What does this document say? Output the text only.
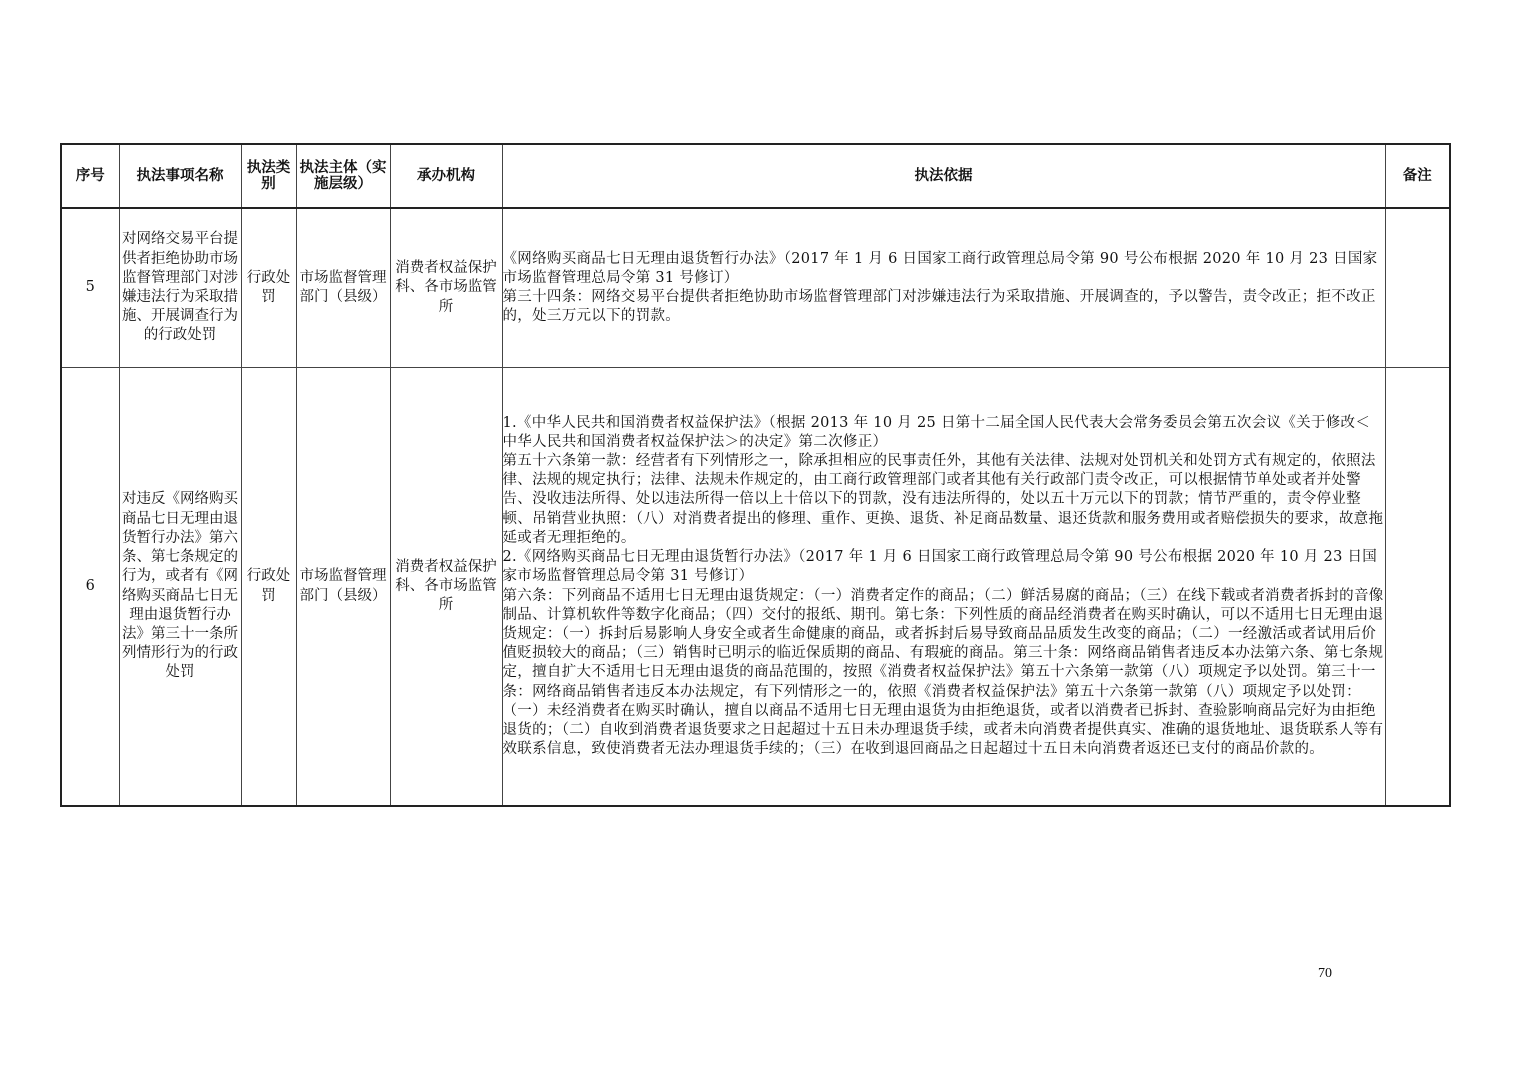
序号	执法事项名称	执法类别	执法主体（实施层级）	承办机构	执法依据	备注
5	对网络交易平台提供者拒绝协助市场监督管理部门对涉嫌违法行为采取措施、开展调查行为的行政处罚	行政处罚	市场监督管理部门（县级）	消费者权益保护科、各市场监管所	《网络购买商品七日无理由退货暂行办法》（2017 年 1 月 6 日国家工商行政管理总局令第 90 号公布根据 2020 年 10 月 23 日国家市场监督管理总局令第 31 号修订）
第三十四条：网络交易平台提供者拒绝协助市场监督管理部门对涉嫌违法行为采取措施、开展调查的，予以警告，责令改正；拒不改正的，处三万元以下的罚款。	

6	对违反《网络购买商品七日无理由退货暂行办法》第六条、第七条规定的行为，或者有《网络购买商品七日无理由退货暂行办法》第三十一条所列情形行为的行政处罚	行政处罚	市场监督管理部门（县级）	消费者权益保护科、各市场监管所	1.《中华人民共和国消费者权益保护法》（根据 2013 年 10 月 25 日第十二届全国人民代表大会常务委员会第五次会议《关于修改＜中华人民共和国消费者权益保护法＞的决定》第二次修正）
第五十六条第一款：经营者有下列情形之一，除承担相应的民事责任外，其他有关法律、法规对处罚机关和处罚方式有规定的，依照法律、法规的规定执行；法律、法规未作规定的，由工商行政管理部门或者其他有关行政部门责令改正，可以根据情节单处或者并处警告、没收违法所得、处以违法所得一倍以上十倍以下的罚款，没有违法所得的，处以五十万元以下的罚款；情节严重的，责令停业整顿、吊销营业执照：（八）对消费者提出的修理、重作、更换、退货、补足商品数量、退还货款和服务费用或者赔偿损失的要求，故意拖延或者无理拒绝的。
2.《网络购买商品七日无理由退货暂行办法》（2017 年 1 月 6 日国家工商行政管理总局令第 90 号公布根据 2020 年 10 月 23 日国家市场监督管理总局令第 31 号修订）
第六条：下列商品不适用七日无理由退货规定：（一）消费者定作的商品；（二）鲜活易腐的商品；（三）在线下载或者消费者拆封的音像制品、计算机软件等数字化商品；（四）交付的报纸、期刊。第七条：下列性质的商品经消费者在购买时确认，可以不适用七日无理由退货规定：（一）拆封后易影响人身安全或者生命健康的商品，或者拆封后易导致商品品质发生改变的商品；（二）一经激活或者试用后价值贬损较大的商品；（三）销售时已明示的临近保质期的商品、有瑕疵的商品。第三十条：网络商品销售者违反本办法第六条、第七条规定，擅自扩大不适用七日无理由退货的商品范围的，按照《消费者权益保护法》第五十六条第一款第（八）项规定予以处罚。第三十一条：网络商品销售者违反本办法规定，有下列情形之一的，依照《消费者权益保护法》第五十六条第一款第（八）项规定予以处罚：（一）未经消费者在购买时确认，擅自以商品不适用七日无理由退货为由拒绝退货，或者以消费者已拆封、查验影响商品完好为由拒绝退货的；（二）自收到消费者退货要求之日起超过十五日未办理退货手续，或者未向消费者提供真实、准确的退货地址、退货联系人等有效联系信息，致使消费者无法办理退货手续的；（三）在收到退回商品之日起超过十五日未向消费者返还已支付的商品价款的。	

70
